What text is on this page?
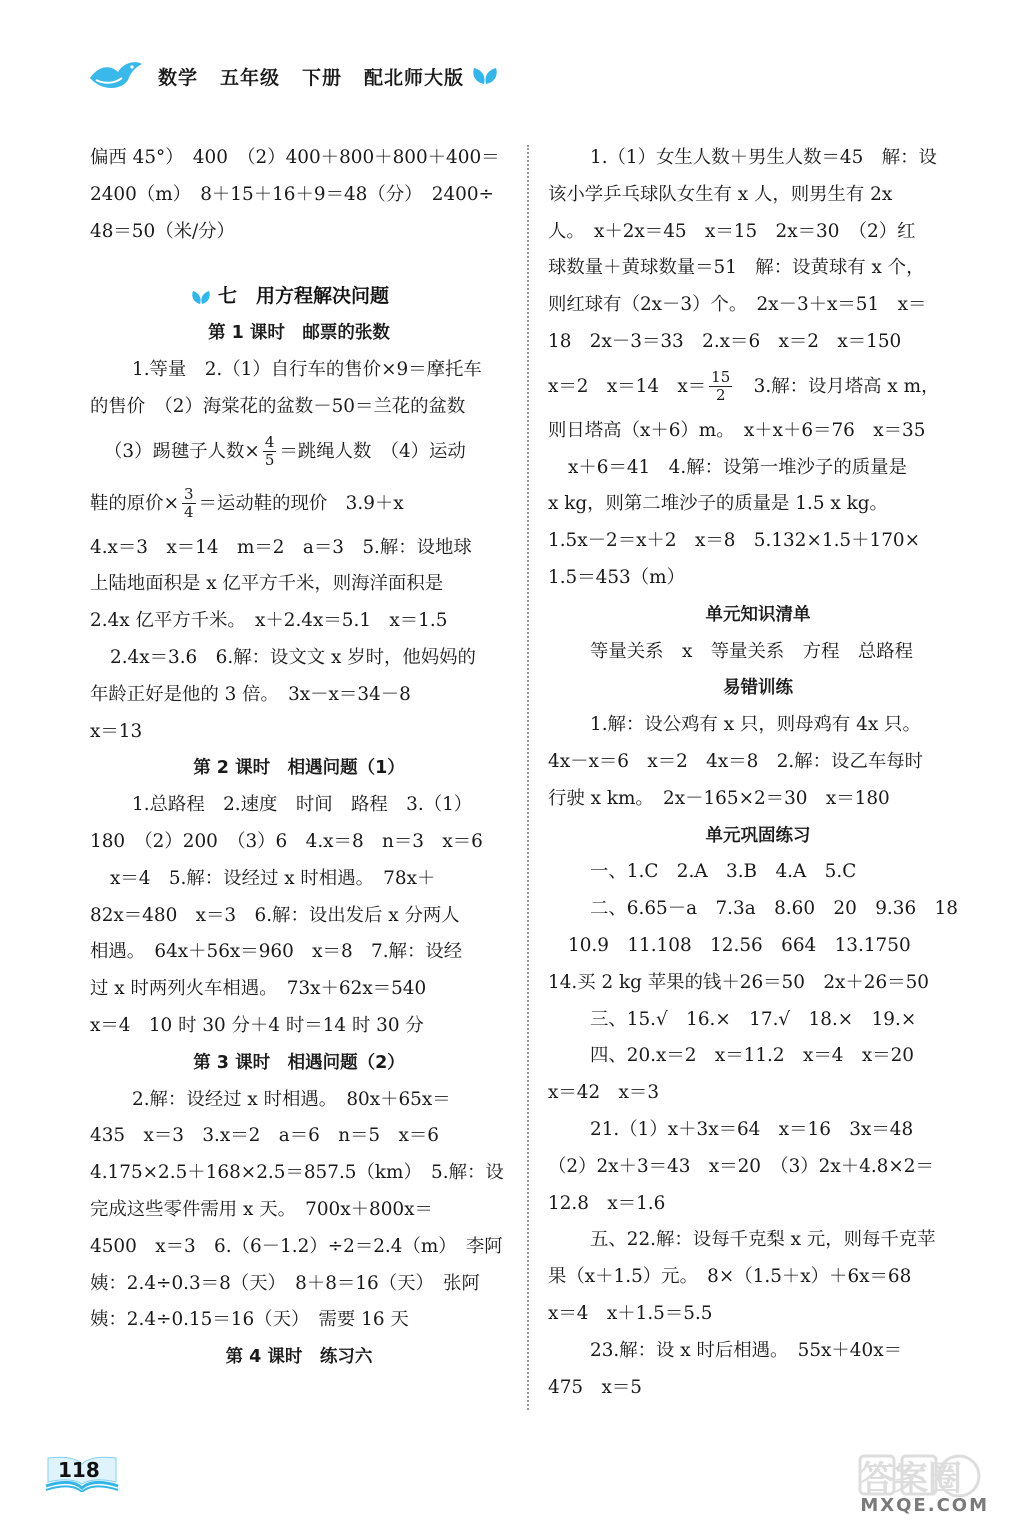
数学 五年级 下册 配北师大版

偏西 45°）　400　（2）400＋800＋800＋400＝

2400（m）　8＋15＋16＋9＝48（分）　2400÷

48＝50（米/分）

七　用方程解决问题

第 1 课时　邮票的张数

1.等量　2.（1）自行车的售价×9＝摩托车

的售价　（2）海棠花的盆数－50＝兰花的盆数

（3）踢毽子人数× $\frac{4}{5}$ ＝跳绳人数　（4）运动

鞋的原价× $\frac{3}{4}$ ＝运动鞋的现价　3.9＋x

4.x＝3　x＝14　m＝2　a＝3　5.解：设地球

上陆地面积是 x 亿平方千米，则海洋面积是

2.4x 亿平方千米。　x＋2.4x＝5.1　x＝1.5

2.4x＝3.6　6.解：设文文 x 岁时，他妈妈的

年龄正好是他的 3 倍。　3x－x＝34－8

x＝13

第 2 课时　相遇问题（1）

1.总路程　2.速度　时间　路程　3.（1）

180　（2）200　（3）6　4.x＝8　n＝3　x＝6

x＝4　5.解：设经过 x 时相遇。　78x＋

82x＝480　x＝3　6.解：设出发后 x 分两人

相遇。　64x＋56x＝960　x＝8　7.解：设经

过 x 时两列火车相遇。　73x＋62x＝540

x＝4　10 时 30 分＋4 时＝14 时 30 分

第 3 课时　相遇问题（2）

2.解：设经过 x 时相遇。　80x＋65x＝

435　x＝3　3.x＝2　a＝6　n＝5　x＝6

4.175×2.5＋168×2.5＝857.5（km）　5.解：设

完成这些零件需用 x 天。　700x＋800x＝

4500　x＝3　6.（6－1.2）÷2＝2.4（m）　李阿

姨：2.4÷0.3＝8（天）　8＋8＝16（天）　张阿

姨：2.4÷0.15＝16（天）　需要 16 天

第 4 课时　练习六

1.（1）女生人数＋男生人数＝45　解：设

该小学乒乓球队女生有 x 人，则男生有 2x

人。　x＋2x＝45　x＝15　2x＝30　（2）红

球数量＋黄球数量＝51　解：设黄球有 x 个，

则红球有（2x－3）个。　2x－3＋x＝51　x＝

18　2x－3＝33　2.x＝6　x＝2　x＝150

x＝2　x＝14　$x= \frac{15}{2}$ 　3.解：设月塔高 x m，

则日塔高（x＋6）m。　x＋x＋6＝76　x＝35

x＋6＝41　4.解：设第一堆沙子的质量是

x kg，则第二堆沙子的质量是 1.5 x kg。

1.5x－2＝x＋2　x＝8　5.132×1.5＋170×

1.5＝453（m）

单元知识清单

等量关系　x　等量关系　方程　总路程

易错训练

1.解：设公鸡有 x 只，则母鸡有 4x 只。

4x－x＝6　x＝2　4x＝8　2.解：设乙车每时

行驶 x km。　2x－165×2＝30　x＝180

单元巩固练习

一、1.C　2.A　3.B　4.A　5.C

二、6.65－a　7.3a　8.60　20　9.36　18

10.9　11.108　12.56　664　13.1750

14.买 2 kg 苹果的钱＋26＝50　2x＋26＝50

三、15.√　16.×　17.√　18.×　19.×

四、20.x＝2　x＝11.2　x＝4　x＝20

x＝42　x＝3

21.（1）x＋3x＝64　x＝16　3x＝48

（2）2x＋3＝43　x＝20　（3）2x＋4.8×2＝

12.8　x＝1.6

五、22.解：设每千克梨 x 元，则每千克苹

果（x＋1.5）元。　8×（1.5＋x）＋6x＝68

x＝4　x＋1.5＝5.5

23.解：设 x 时后相遇。　55x＋40x＝

475　x＝5

118	答案圈
MXQE.COM
